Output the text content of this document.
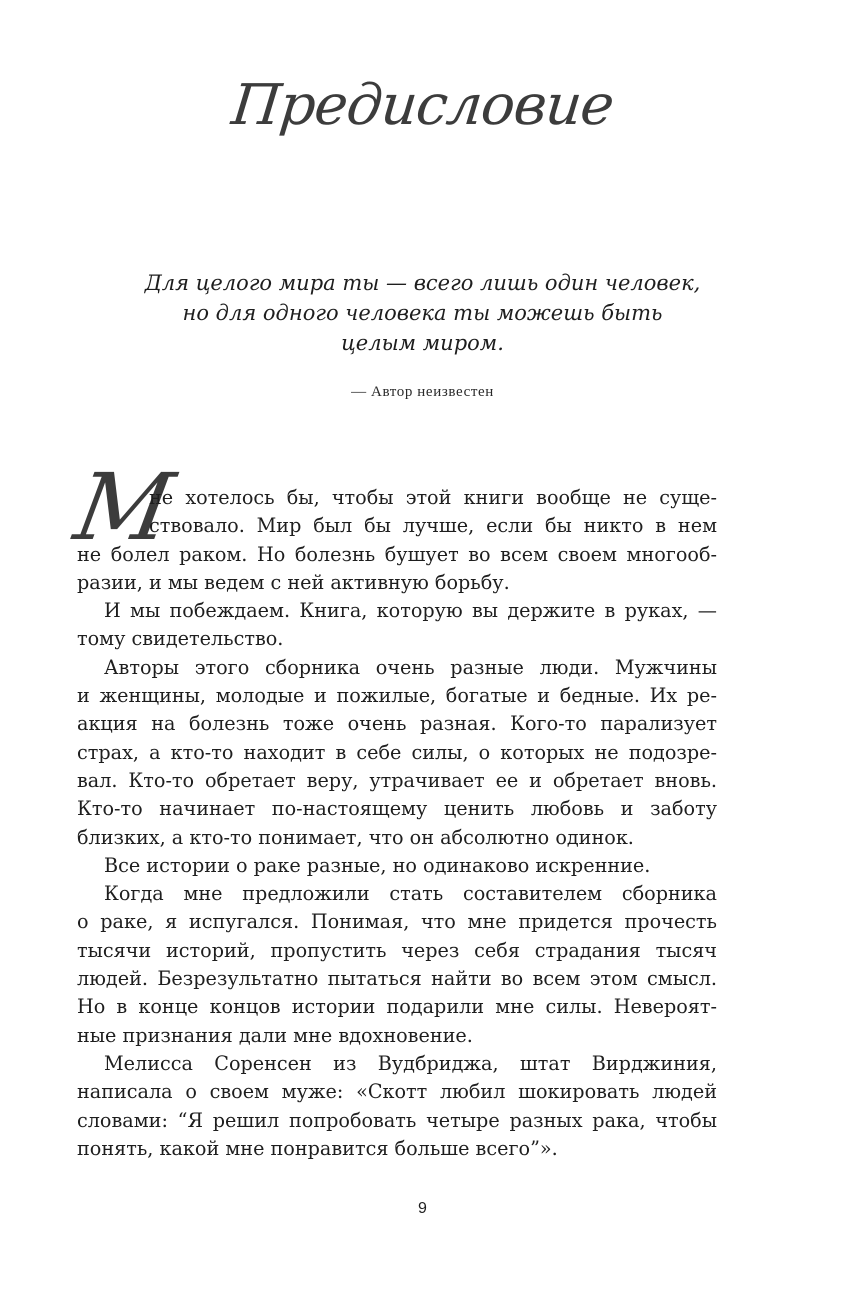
Предисловие
Для целого мира ты — всего лишь один человек,
но для одного человека ты можешь быть
целым миром.
— Автор неизвестен
М
не хотелось бы, чтобы этой книги вообще не суще-
ствовало. Мир был бы лучше, если бы никто в нем
не болел раком. Но болезнь бушует во всем своем многооб-
разии, и мы ведем с ней активную борьбу.
И мы побеждаем. Книга, которую вы держите в руках, —
тому свидетельство.
Авторы этого сборника очень разные люди. Мужчины
и женщины, молодые и пожилые, богатые и бедные. Их ре-
акция на болезнь тоже очень разная. Кого-то парализует
страх, а кто-то находит в себе силы, о которых не подозре-
вал. Кто-то обретает веру, утрачивает ее и обретает вновь.
Кто-то начинает по-настоящему ценить любовь и заботу
близких, а кто-то понимает, что он абсолютно одинок.
Все истории о раке разные, но одинаково искренние.
Когда мне предложили стать составителем сборника
о раке, я испугался. Понимая, что мне придется прочесть
тысячи историй, пропустить через себя страдания тысяч
людей. Безрезультатно пытаться найти во всем этом смысл.
Но в конце концов истории подарили мне силы. Невероят-
ные признания дали мне вдохновение.
Мелисса Соренсен из Вудбриджа, штат Вирджиния,
написала о своем муже: «Скотт любил шокировать людей
словами: “Я решил попробовать четыре разных рака, чтобы
понять, какой мне понравится больше всего”».
9
